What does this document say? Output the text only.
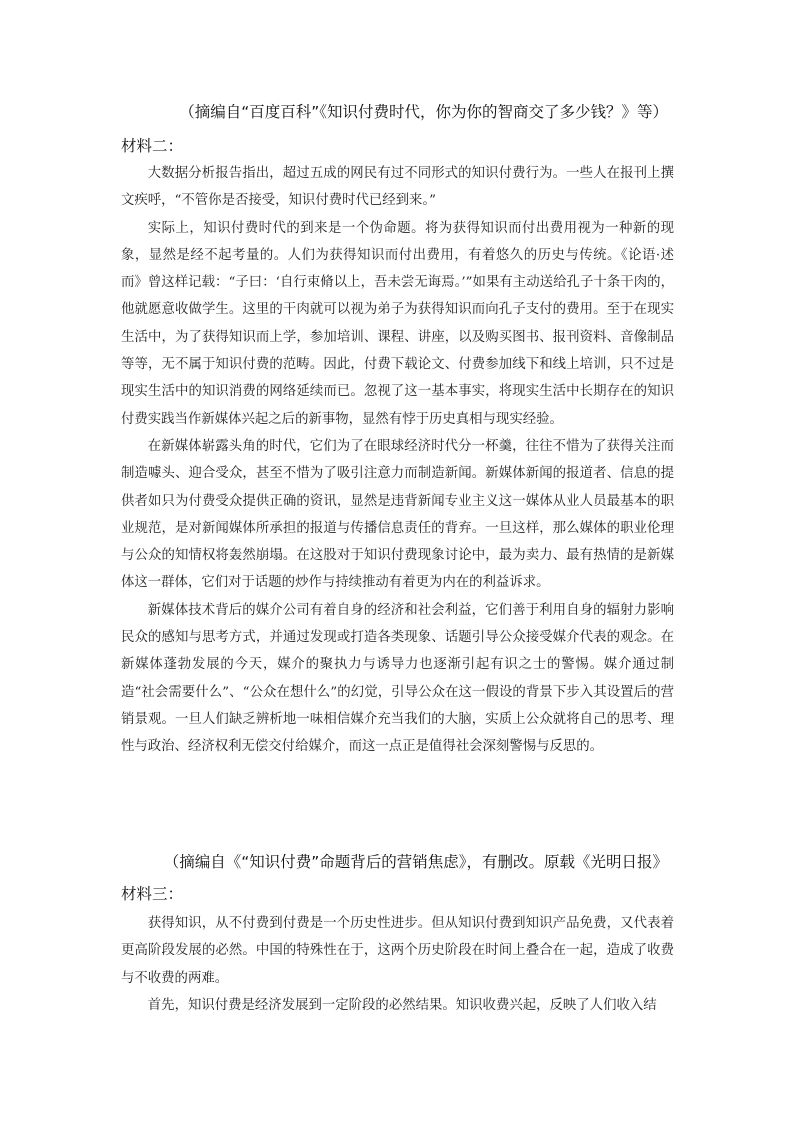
（摘编自“百度百科”《知识付费时代，你为你的智商交了多少钱？》等）
材料二：

大数据分析报告指出，超过五成的网民有过不同形式的知识付费行为。一些人在报刊上撰文疾呼，“不管你是否接受，知识付费时代已经到来。”

实际上，知识付费时代的到来是一个伪命题。将为获得知识而付出费用视为一种新的现象，显然是经不起考量的。人们为获得知识而付出费用，有着悠久的历史与传统。《论语·述而》曾这样记载：“子曰：‘自行束脩以上，吾未尝无诲焉。’”如果有主动送给孔子十条干肉的，他就愿意收做学生。这里的干肉就可以视为弟子为获得知识而向孔子支付的费用。至于在现实生活中，为了获得知识而上学，参加培训、课程、讲座，以及购买图书、报刊资料、音像制品等等，无不属于知识付费的范畴。因此，付费下载论文、付费参加线下和线上培训，只不过是现实生活中的知识消费的网络延续而已。忽视了这一基本事实，将现实生活中长期存在的知识付费实践当作新媒体兴起之后的新事物，显然有悖于历史真相与现实经验。

在新媒体崭露头角的时代，它们为了在眼球经济时代分一杯羹，往往不惜为了获得关注而制造噱头、迎合受众，甚至不惜为了吸引注意力而制造新闻。新媒体新闻的报道者、信息的提供者如只为付费受众提供正确的资讯，显然是违背新闻专业主义这一媒体从业人员最基本的职业规范，是对新闻媒体所承担的报道与传播信息责任的背弃。一旦这样，那么媒体的职业伦理与公众的知情权将轰然崩塌。在这股对于知识付费现象讨论中，最为卖力、最有热情的是新媒体这一群体，它们对于话题的炒作与持续推动有着更为内在的利益诉求。

新媒体技术背后的媒介公司有着自身的经济和社会利益，它们善于利用自身的辐射力影响民众的感知与思考方式，并通过发现或打造各类现象、话题引导公众接受媒介代表的观念。在新媒体蓬勃发展的今天，媒介的聚执力与诱导力也逐渐引起有识之士的警惕。媒介通过制造“社会需要什么”、“公众在想什么”的幻觉，引导公众在这一假设的背景下步入其设置后的营销景观。一旦人们缺乏辨析地一味相信媒介充当我们的大脑，实质上公众就将自己的思考、理性与政治、经济权利无偿交付给媒介，而这一点正是值得社会深刻警惕与反思的。

（摘编自《“知识付费”命题背后的营销焦虑》，有删改。原载《光明日报》
材料三：

获得知识，从不付费到付费是一个历史性进步。但从知识付费到知识产品免费，又代表着更高阶段发展的必然。中国的特殊性在于，这两个历史阶段在时间上叠合在一起，造成了收费与不收费的两难。

首先，知识付费是经济发展到一定阶段的必然结果。知识收费兴起，反映了人们收入结
